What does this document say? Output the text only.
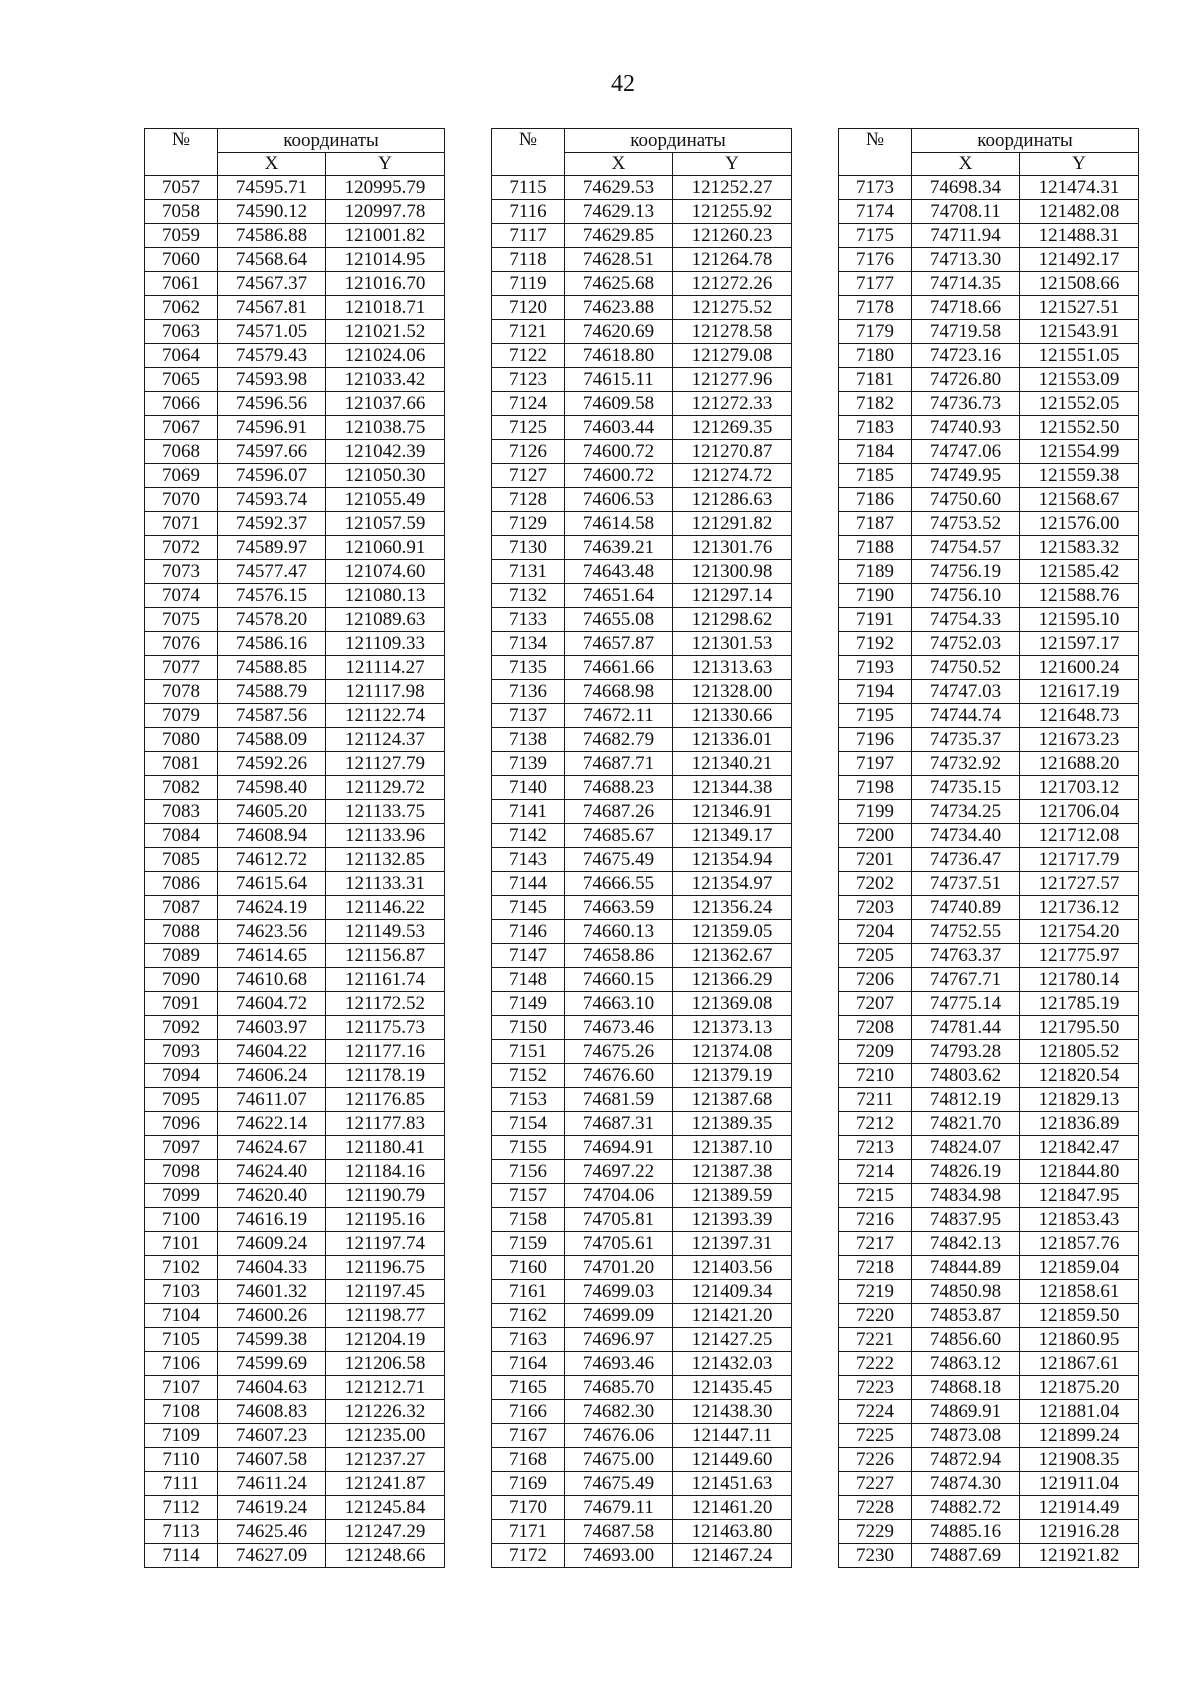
42
№	координаты	
	X	Y
7057	74595.71	120995.79
7058	74590.12	120997.78
7059	74586.88	121001.82
7060	74568.64	121014.95
7061	74567.37	121016.70
7062	74567.81	121018.71
7063	74571.05	121021.52
7064	74579.43	121024.06
7065	74593.98	121033.42
7066	74596.56	121037.66
7067	74596.91	121038.75
7068	74597.66	121042.39
7069	74596.07	121050.30
7070	74593.74	121055.49
7071	74592.37	121057.59
7072	74589.97	121060.91
7073	74577.47	121074.60
7074	74576.15	121080.13
7075	74578.20	121089.63
7076	74586.16	121109.33
7077	74588.85	121114.27
7078	74588.79	121117.98
7079	74587.56	121122.74
7080	74588.09	121124.37
7081	74592.26	121127.79
7082	74598.40	121129.72
7083	74605.20	121133.75
7084	74608.94	121133.96
7085	74612.72	121132.85
7086	74615.64	121133.31
7087	74624.19	121146.22
7088	74623.56	121149.53
7089	74614.65	121156.87
7090	74610.68	121161.74
7091	74604.72	121172.52
7092	74603.97	121175.73
7093	74604.22	121177.16
7094	74606.24	121178.19
7095	74611.07	121176.85
7096	74622.14	121177.83
7097	74624.67	121180.41
7098	74624.40	121184.16
7099	74620.40	121190.79
7100	74616.19	121195.16
7101	74609.24	121197.74
7102	74604.33	121196.75
7103	74601.32	121197.45
7104	74600.26	121198.77
7105	74599.38	121204.19
7106	74599.69	121206.58
7107	74604.63	121212.71
7108	74608.83	121226.32
7109	74607.23	121235.00
7110	74607.58	121237.27
7111	74611.24	121241.87
7112	74619.24	121245.84
7113	74625.46	121247.29
7114	74627.09	121248.66
№	координаты	
	X	Y
7115	74629.53	121252.27
7116	74629.13	121255.92
7117	74629.85	121260.23
7118	74628.51	121264.78
7119	74625.68	121272.26
7120	74623.88	121275.52
7121	74620.69	121278.58
7122	74618.80	121279.08
7123	74615.11	121277.96
7124	74609.58	121272.33
7125	74603.44	121269.35
7126	74600.72	121270.87
7127	74600.72	121274.72
7128	74606.53	121286.63
7129	74614.58	121291.82
7130	74639.21	121301.76
7131	74643.48	121300.98
7132	74651.64	121297.14
7133	74655.08	121298.62
7134	74657.87	121301.53
7135	74661.66	121313.63
7136	74668.98	121328.00
7137	74672.11	121330.66
7138	74682.79	121336.01
7139	74687.71	121340.21
7140	74688.23	121344.38
7141	74687.26	121346.91
7142	74685.67	121349.17
7143	74675.49	121354.94
7144	74666.55	121354.97
7145	74663.59	121356.24
7146	74660.13	121359.05
7147	74658.86	121362.67
7148	74660.15	121366.29
7149	74663.10	121369.08
7150	74673.46	121373.13
7151	74675.26	121374.08
7152	74676.60	121379.19
7153	74681.59	121387.68
7154	74687.31	121389.35
7155	74694.91	121387.10
7156	74697.22	121387.38
7157	74704.06	121389.59
7158	74705.81	121393.39
7159	74705.61	121397.31
7160	74701.20	121403.56
7161	74699.03	121409.34
7162	74699.09	121421.20
7163	74696.97	121427.25
7164	74693.46	121432.03
7165	74685.70	121435.45
7166	74682.30	121438.30
7167	74676.06	121447.11
7168	74675.00	121449.60
7169	74675.49	121451.63
7170	74679.11	121461.20
7171	74687.58	121463.80
7172	74693.00	121467.24
№	координаты	
	X	Y
7173	74698.34	121474.31
7174	74708.11	121482.08
7175	74711.94	121488.31
7176	74713.30	121492.17
7177	74714.35	121508.66
7178	74718.66	121527.51
7179	74719.58	121543.91
7180	74723.16	121551.05
7181	74726.80	121553.09
7182	74736.73	121552.05
7183	74740.93	121552.50
7184	74747.06	121554.99
7185	74749.95	121559.38
7186	74750.60	121568.67
7187	74753.52	121576.00
7188	74754.57	121583.32
7189	74756.19	121585.42
7190	74756.10	121588.76
7191	74754.33	121595.10
7192	74752.03	121597.17
7193	74750.52	121600.24
7194	74747.03	121617.19
7195	74744.74	121648.73
7196	74735.37	121673.23
7197	74732.92	121688.20
7198	74735.15	121703.12
7199	74734.25	121706.04
7200	74734.40	121712.08
7201	74736.47	121717.79
7202	74737.51	121727.57
7203	74740.89	121736.12
7204	74752.55	121754.20
7205	74763.37	121775.97
7206	74767.71	121780.14
7207	74775.14	121785.19
7208	74781.44	121795.50
7209	74793.28	121805.52
7210	74803.62	121820.54
7211	74812.19	121829.13
7212	74821.70	121836.89
7213	74824.07	121842.47
7214	74826.19	121844.80
7215	74834.98	121847.95
7216	74837.95	121853.43
7217	74842.13	121857.76
7218	74844.89	121859.04
7219	74850.98	121858.61
7220	74853.87	121859.50
7221	74856.60	121860.95
7222	74863.12	121867.61
7223	74868.18	121875.20
7224	74869.91	121881.04
7225	74873.08	121899.24
7226	74872.94	121908.35
7227	74874.30	121911.04
7228	74882.72	121914.49
7229	74885.16	121916.28
7230	74887.69	121921.82
